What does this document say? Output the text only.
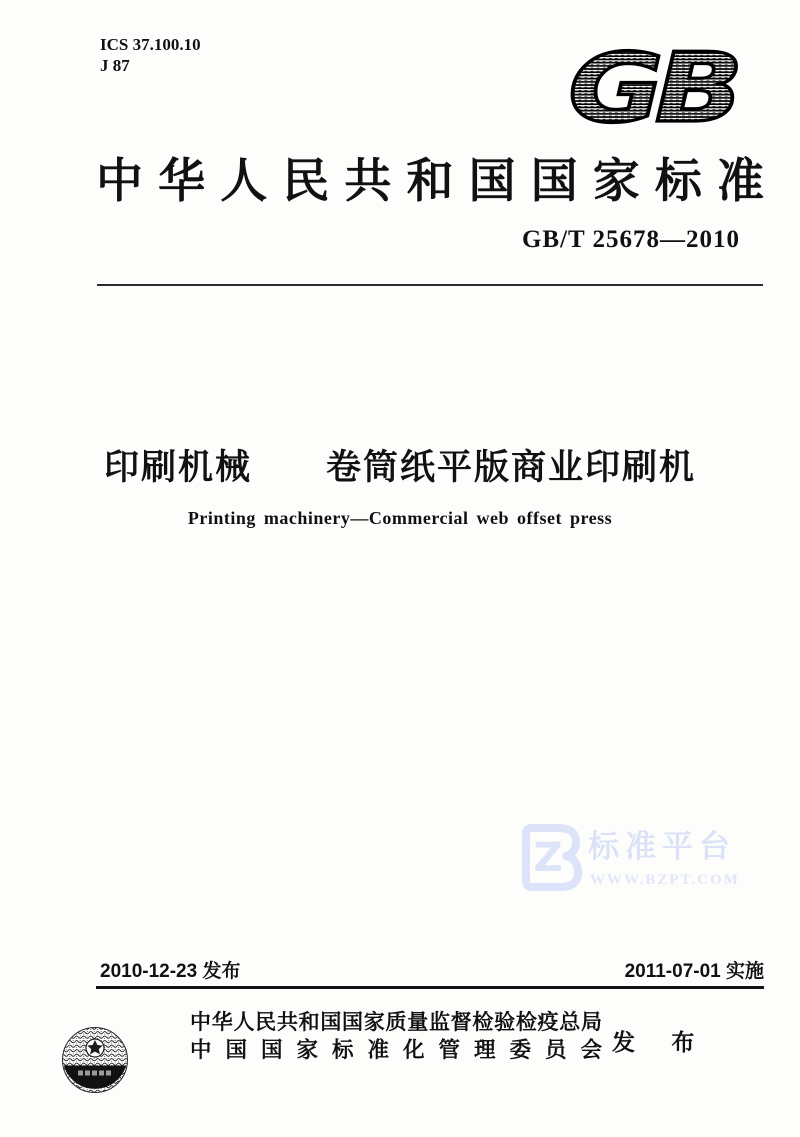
ICS 37.100.10
J 87	GB
中华人民共和国国家标准
GB/T 25678—2010
印刷机械　　卷筒纸平版商业印刷机
Printing machinery—Commercial web offset press
Z 标准平台
WWW.BZPT.COM
2010-12-23 发布	2011-07-01 实施
中华人民共和国国家质量监督检验检疫总局
中国国家标准化管理委员会 发 布
